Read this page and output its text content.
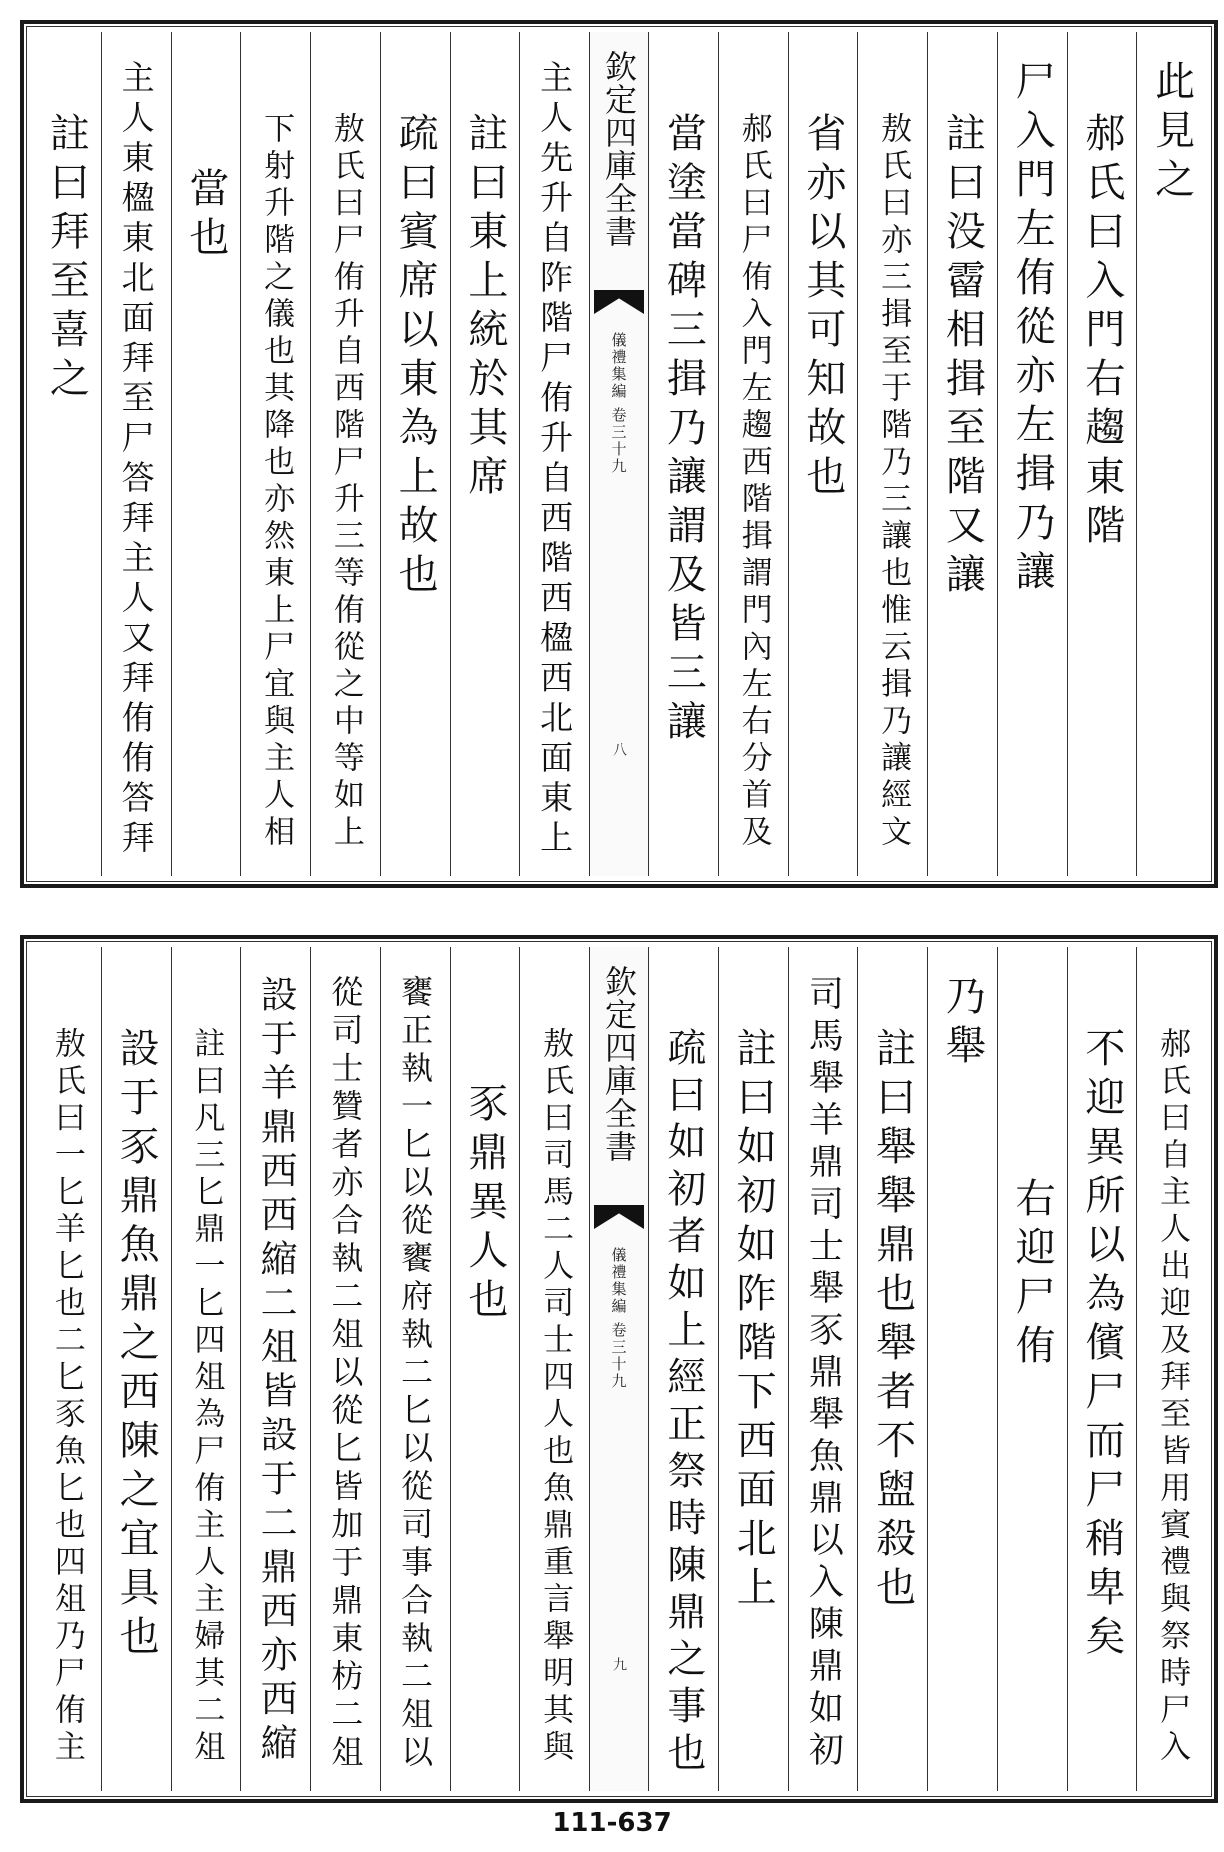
此見之
郝氏曰入門右趨東階
尸入門左侑從亦左揖乃讓
註曰没霤相揖至階又讓
敖氏曰亦三揖至于階乃三讓也惟云揖乃讓經文
省亦以其可知故也
郝氏曰尸侑入門左趨西階揖謂門內左右分首及
當塗當碑三揖乃讓謂及皆三讓
欽定四庫全書
儀禮集編 卷三十九
八
主人先升自阼階尸侑升自西階西楹西北面東上
註曰東上統於其席
疏曰賓席以東為上故也
敖氏曰尸侑升自西階尸升三等侑從之中等如上
下射升階之儀也其降也亦然東上尸宜與主人相
當也
主人東楹東北面拜至尸答拜主人又拜侑侑答拜
註曰拜至喜之
郝氏曰自主人出迎及拜至皆用賓禮與祭時尸入
不迎異所以為儐尸而尸稍卑矣
右迎尸侑
乃舉
註曰舉舉鼎也舉者不盥殺也
司馬舉羊鼎司士舉豕鼎舉魚鼎以入陳鼎如初
註曰如初如阼階下西面北上
疏曰如初者如上經正祭時陳鼎之事也
欽定四庫全書
儀禮集編 卷三十九
九
敖氏曰司馬二人司士四人也魚鼎重言舉明其與
豕鼎異人也
饔正執一匕以從饔府執二匕以從司事合執二俎以
從司士贊者亦合執二俎以從匕皆加于鼎東枋二俎
設于羊鼎西西縮二俎皆設于二鼎西亦西縮
註曰凡三匕鼎一匕四俎為尸侑主人主婦其二俎
設于豕鼎魚鼎之西陳之宜具也
敖氏曰一匕羊匕也二匕豕魚匕也四俎乃尸侑主
111-637
